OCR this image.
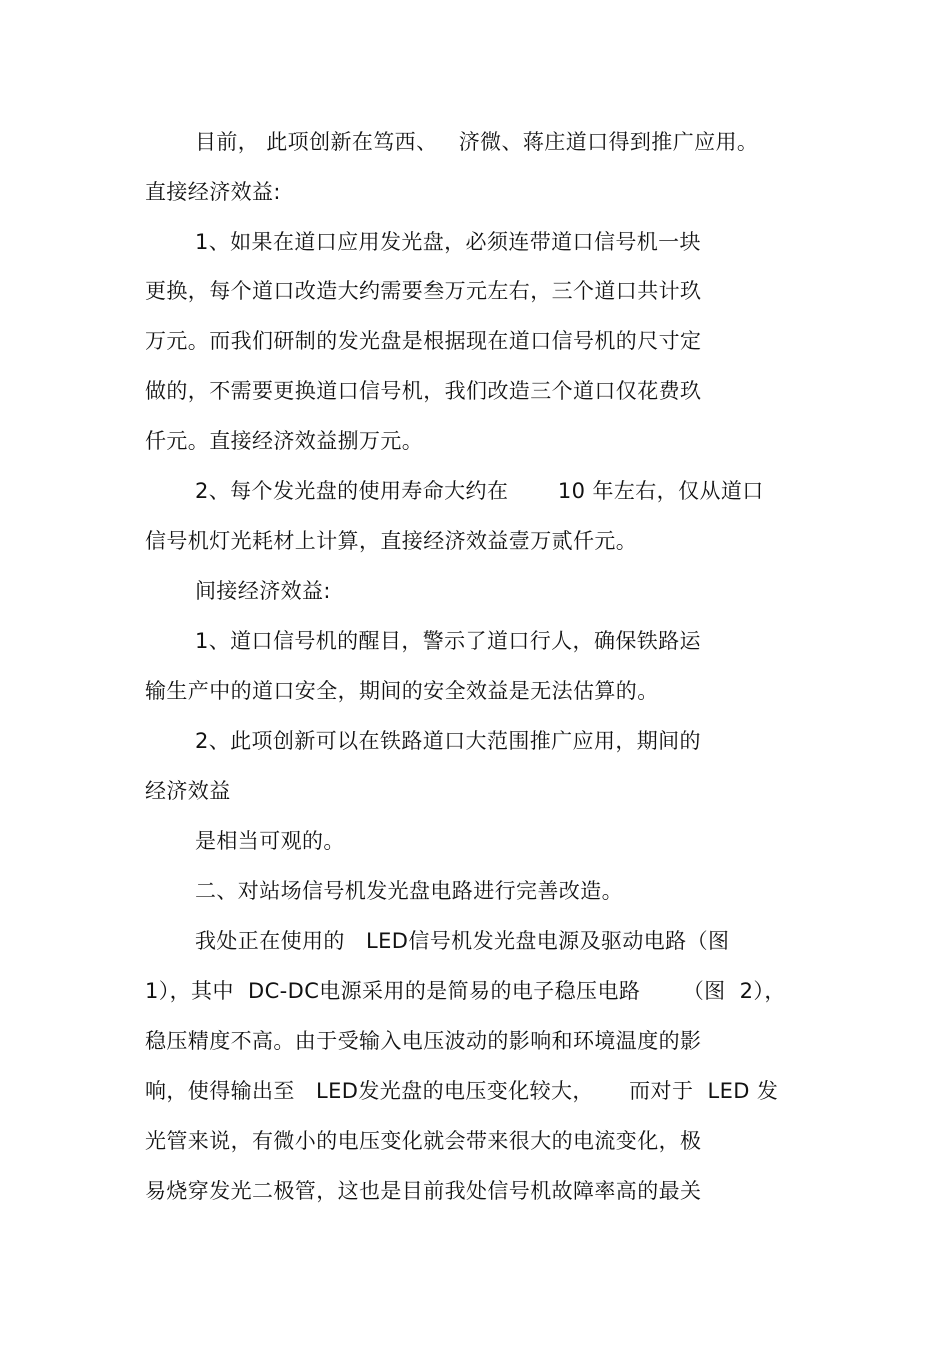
目前， 此项创新在笃西、   济微、蒋庄道口得到推广应用。
直接经济效益:
1、如果在道口应用发光盘，必须连带道口信号机一块
更换，每个道口改造大约需要叁万元左右，三个道口共计玖
万元。而我们研制的发光盘是根据现在道口信号机的尺寸定
做的，不需要更换道口信号机，我们改造三个道口仅花费玖
仟元。直接经济效益捌万元。
2、每个发光盘的使用寿命大约在       10 年左右，仅从道口
信号机灯光耗材上计算，直接经济效益壹万贰仟元。
间接经济效益:
1、道口信号机的醒目，警示了道口行人，确保铁路运
输生产中的道口安全，期间的安全效益是无法估算的。
2、此项创新可以在铁路道口大范围推广应用，期间的
经济效益
是相当可观的。
二、对站场信号机发光盘电路进行完善改造。
我处正在使用的   LED信号机发光盘电源及驱动电路（图
1），其中  DC-DC电源采用的是简易的电子稳压电路      （图  2），
稳压精度不高。由于受输入电压波动的影响和环境温度的影
响，使得输出至   LED发光盘的电压变化较大，     而对于  LED 发
光管来说，有微小的电压变化就会带来很大的电流变化，极
易烧穿发光二极管，这也是目前我处信号机故障率高的最关
